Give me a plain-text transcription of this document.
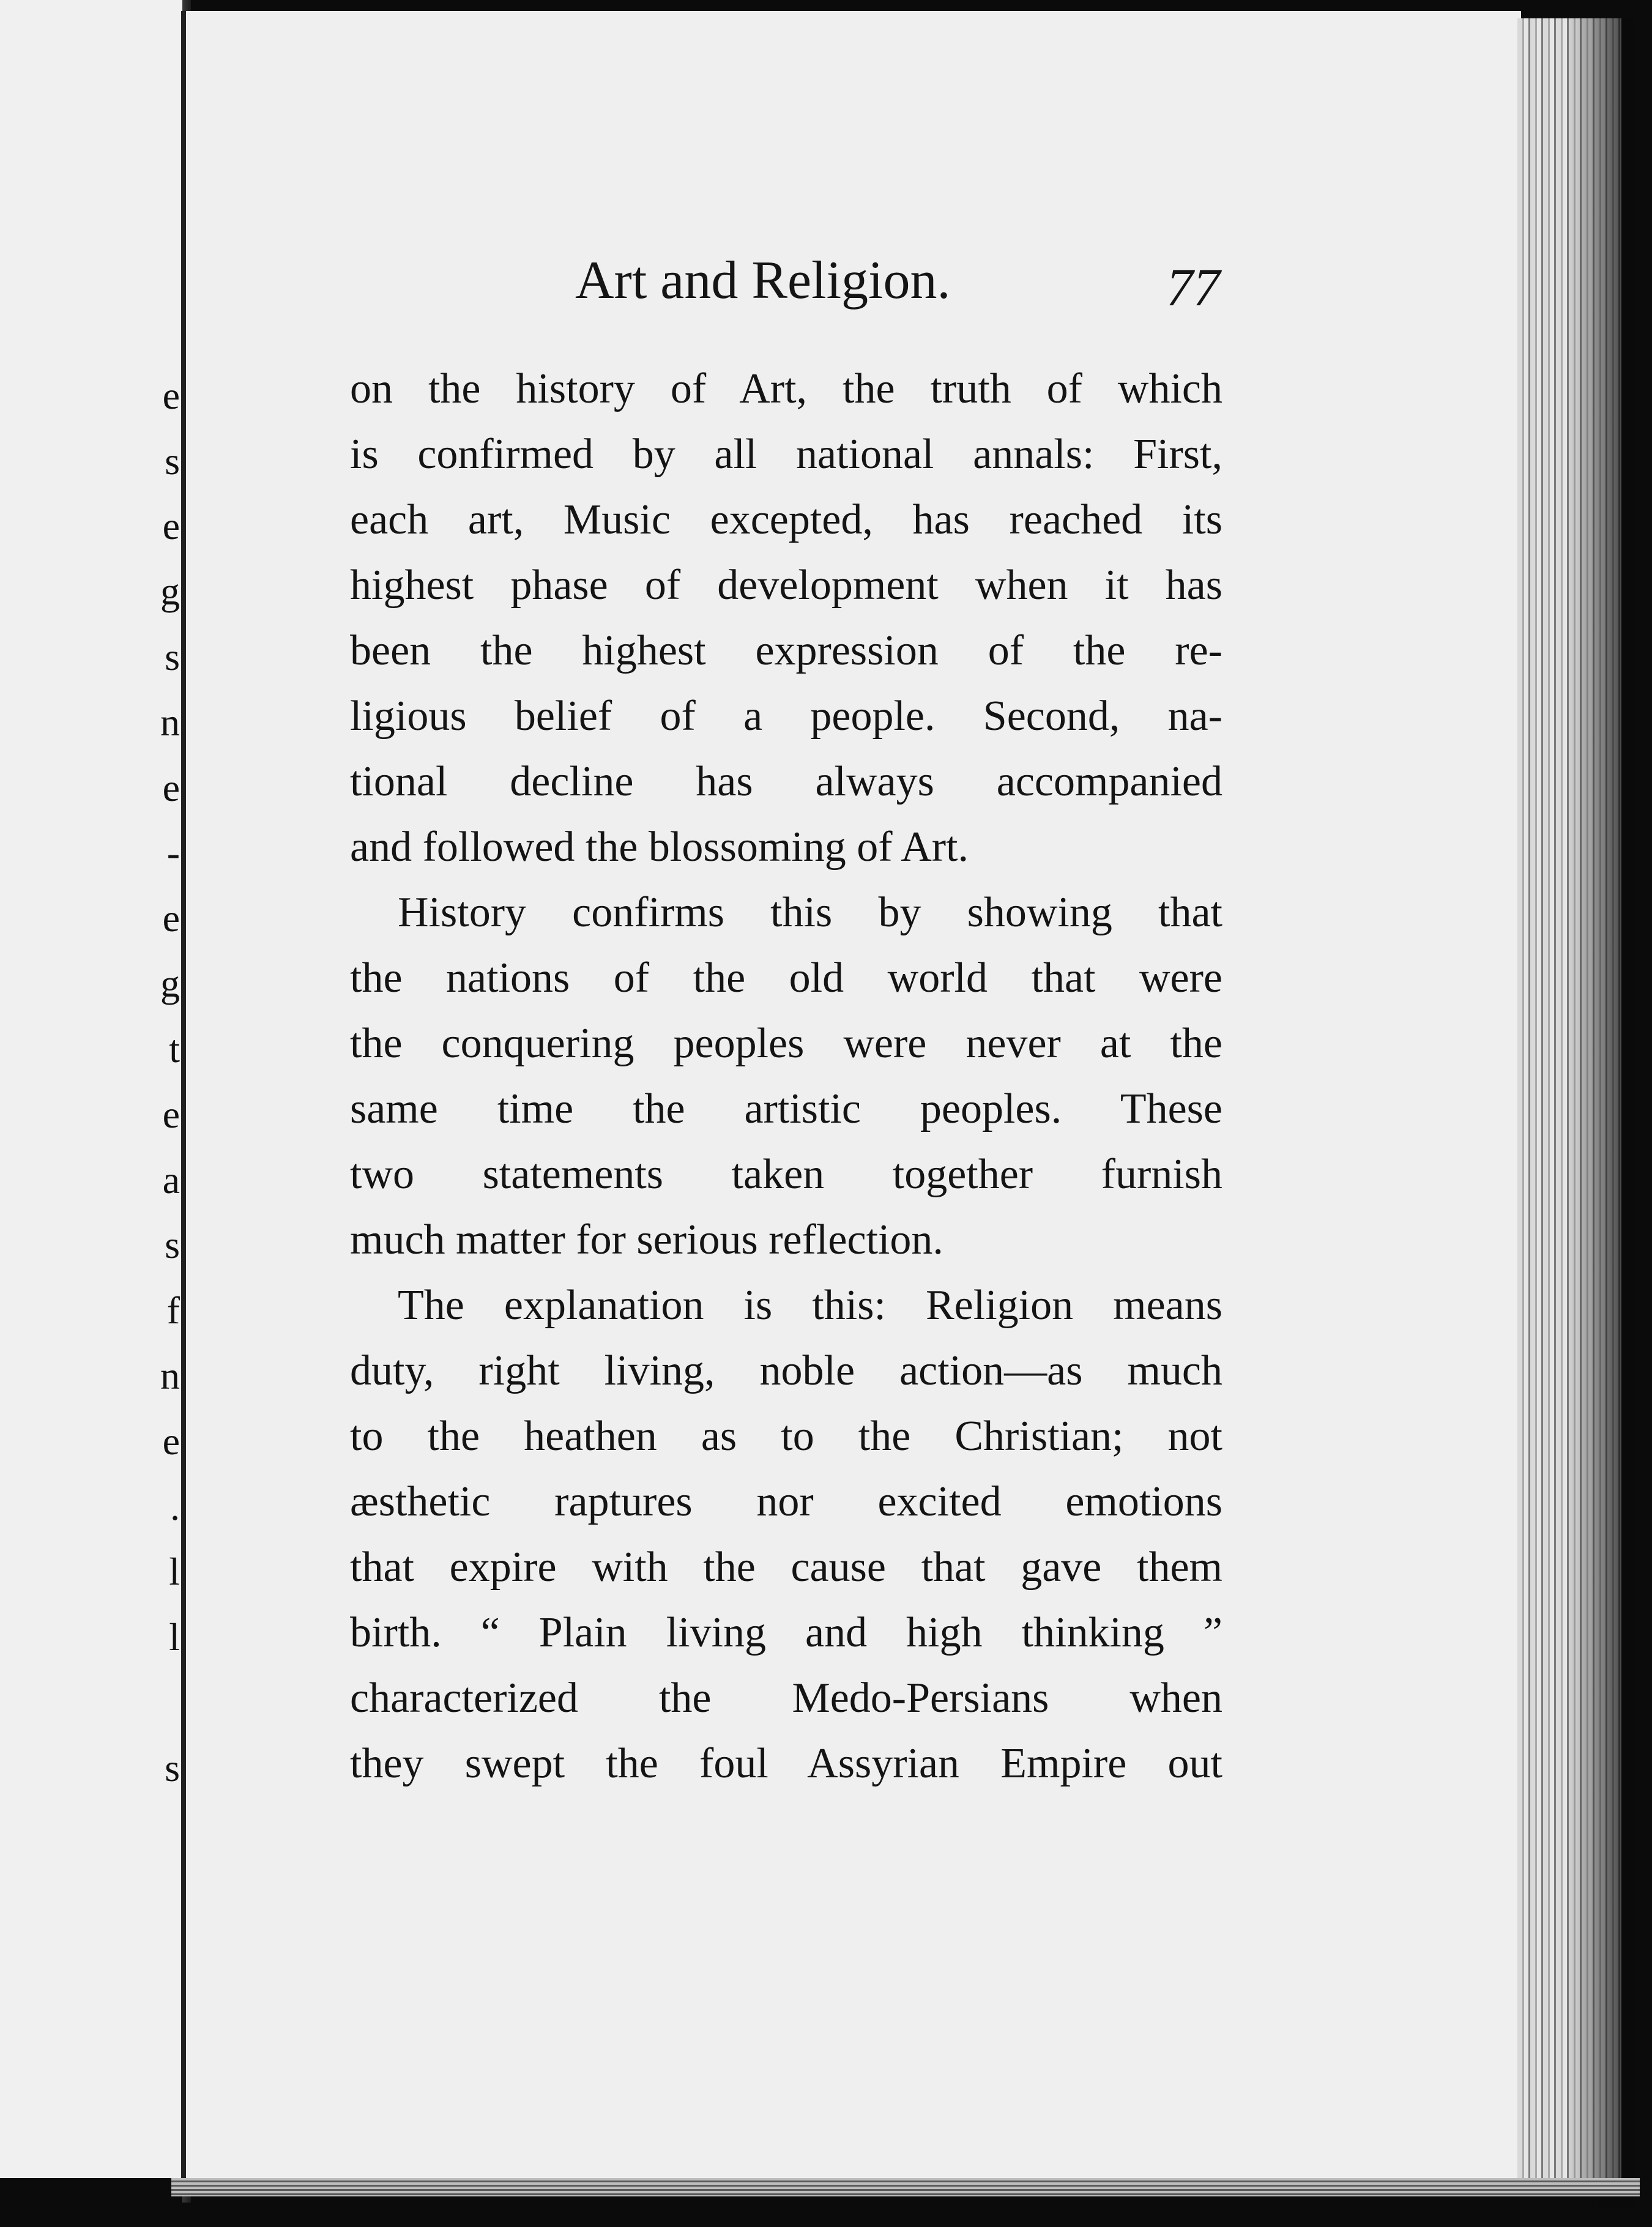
e
s
e
g
s
n
e
-
e
g
t
e
a
s
f
n
e
.
l
l
s
Art and Religion.	77
on the history of Art, the truth of which
is confirmed by all national annals: First,
each art, Music excepted, has reached its
highest phase of development when it has
been the highest expression of the re-
ligious belief of a people. Second, na-
tional decline has always accompanied
and followed the blossoming of Art.
History confirms this by showing that
the nations of the old world that were
the conquering peoples were never at the
same time the artistic peoples. These
two statements taken together furnish
much matter for serious reflection.
The explanation is this: Religion means
duty, right living, noble action—as much
to the heathen as to the Christian; not
æsthetic raptures nor excited emotions
that expire with the cause that gave them
birth. “ Plain living and high thinking ”
characterized the Medo-Persians when
they swept the foul Assyrian Empire out
